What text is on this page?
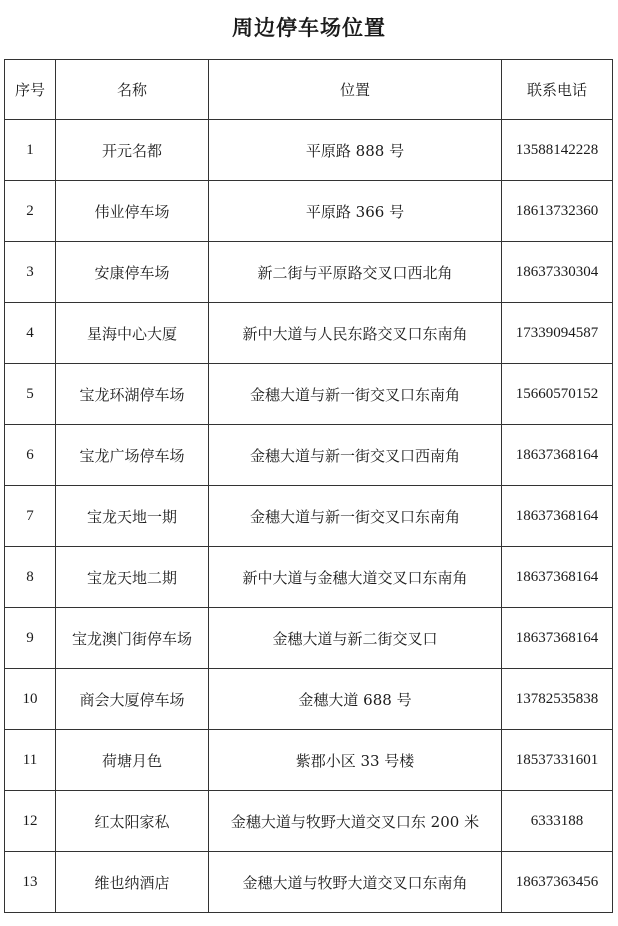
周边停车场位置
序号	名称	位置	联系电话
1	开元名都	平原路 888 号	13588142228
2	伟业停车场	平原路 366 号	18613732360
3	安康停车场	新二街与平原路交叉口西北角	18637330304
4	星海中心大厦	新中大道与人民东路交叉口东南角	17339094587
5	宝龙环湖停车场	金穗大道与新一街交叉口东南角	15660570152
6	宝龙广场停车场	金穗大道与新一街交叉口西南角	18637368164
7	宝龙天地一期	金穗大道与新一街交叉口东南角	18637368164
8	宝龙天地二期	新中大道与金穗大道交叉口东南角	18637368164
9	宝龙澳门街停车场	金穗大道与新二街交叉口	18637368164
10	商会大厦停车场	金穗大道 688 号	13782535838
11	荷塘月色	紫郡小区 33 号楼	18537331601
12	红太阳家私	金穗大道与牧野大道交叉口东 200 米	6333188
13	维也纳酒店	金穗大道与牧野大道交叉口东南角	18637363456
